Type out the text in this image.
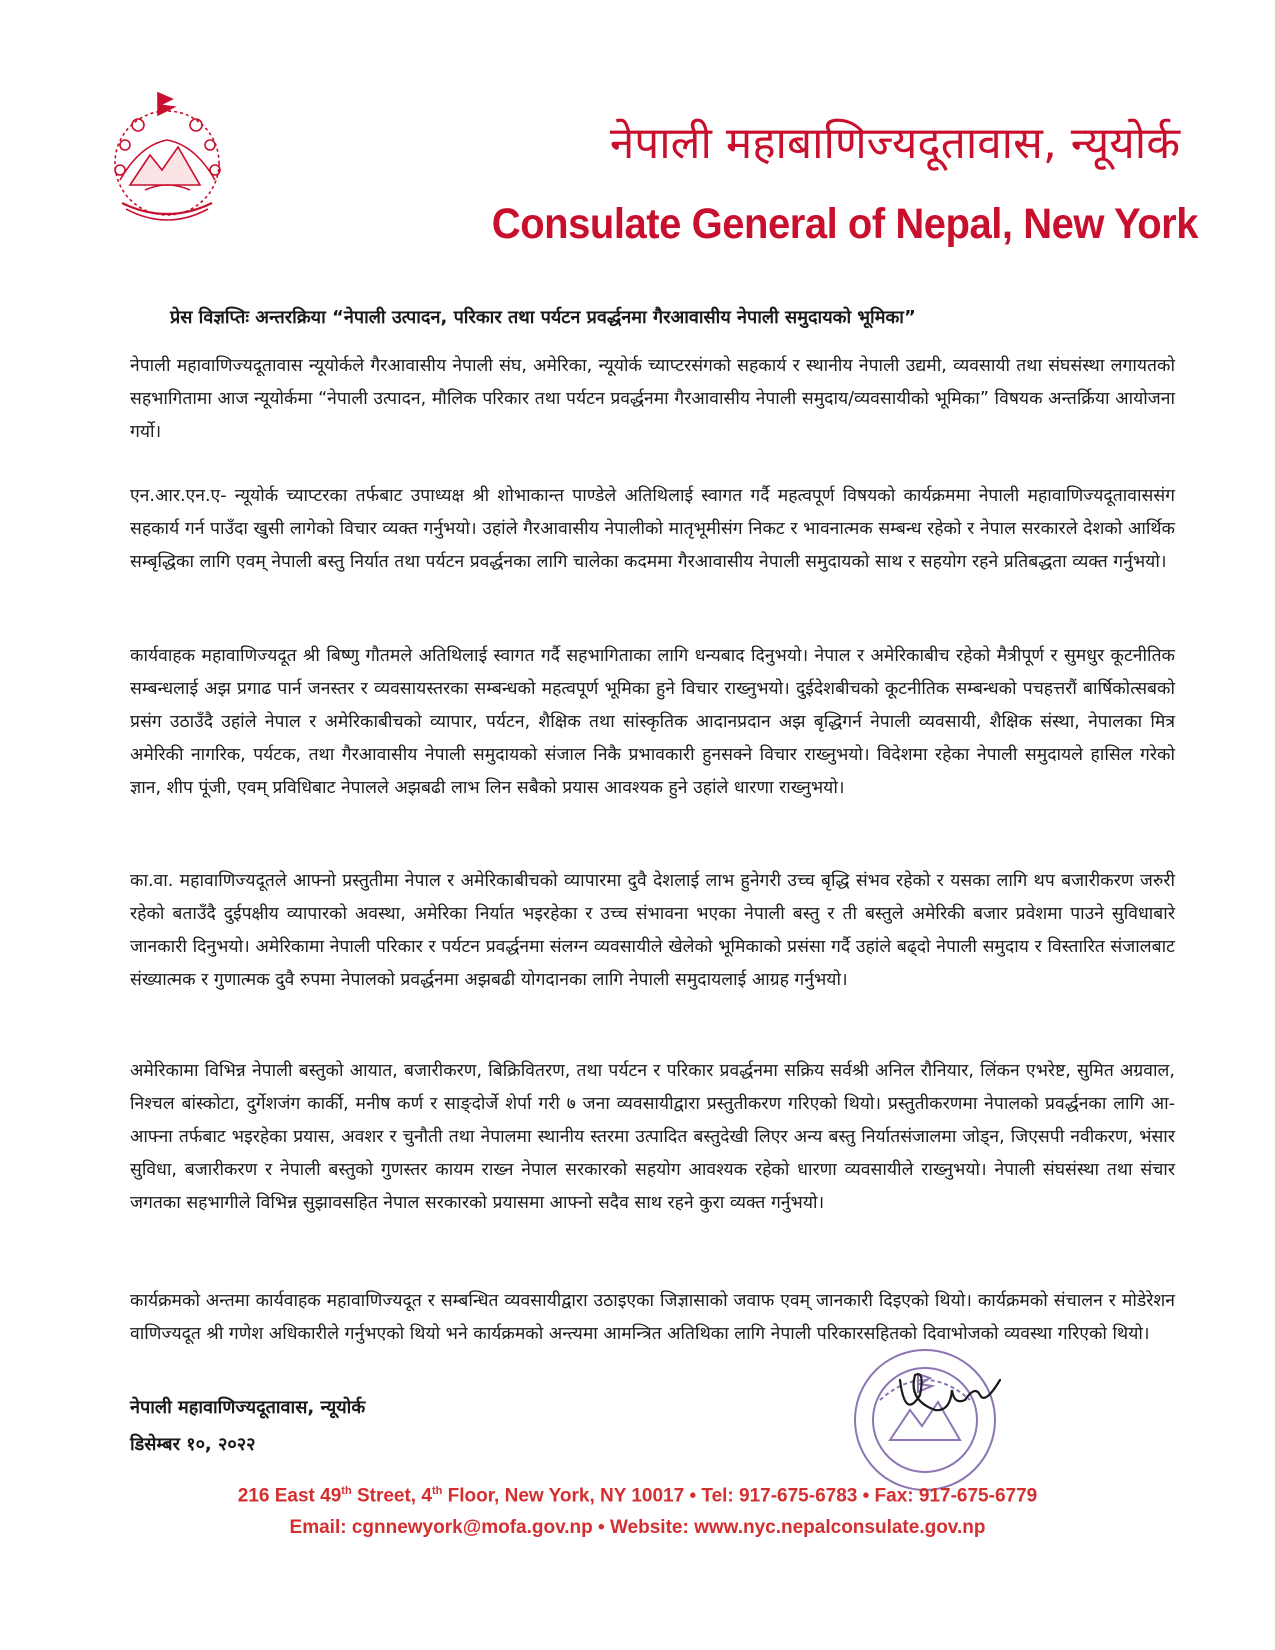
नेपाली महाबाणिज्यदूतावास, न्यूयोर्क
Consulate General of Nepal, New York
प्रेस विज्ञप्तिः अन्तरक्रिया “नेपाली उत्पादन, परिकार तथा पर्यटन प्रवर्द्धनमा गैरआवासीय नेपाली समुदायको भूमिका”

नेपाली महावाणिज्यदूतावास न्यूयोर्कले गैरआवासीय नेपाली संघ, अमेरिका, न्यूयोर्क च्याप्टरसंगको सहकार्य र स्थानीय नेपाली उद्यमी, व्यवसायी तथा संघसंस्था लगायतको सहभागितामा आज न्यूयोर्कमा “नेपाली उत्पादन, मौलिक परिकार तथा पर्यटन प्रवर्द्धनमा गैरआवासीय नेपाली समुदाय/व्यवसायीको भूमिका” विषयक अन्तर्क्रिया आयोजना गर्यो।

एन.आर.एन.ए- न्यूयोर्क च्याप्टरका तर्फबाट उपाध्यक्ष श्री शोभाकान्त पाण्डेले अतिथिलाई स्वागत गर्दै महत्वपूर्ण विषयको कार्यक्रममा नेपाली महावाणिज्यदूतावाससंग सहकार्य गर्न पाउँदा खुसी लागेको विचार व्यक्त गर्नुभयो। उहांले गैरआवासीय नेपालीको मातृभूमीसंग निकट र भावनात्मक सम्बन्ध रहेको र नेपाल सरकारले देशको आर्थिक सम्बृद्धिका लागि एवम् नेपाली बस्तु निर्यात तथा पर्यटन प्रवर्द्धनका लागि चालेका कदममा गैरआवासीय नेपाली समुदायको साथ र सहयोग रहने प्रतिबद्धता व्यक्त गर्नुभयो।

कार्यवाहक महावाणिज्यदूत श्री बिष्णु गौतमले अतिथिलाई स्वागत गर्दै सहभागिताका लागि धन्यबाद दिनुभयो। नेपाल र अमेरिकाबीच रहेको मैत्रीपूर्ण र सुमधुर कूटनीतिक सम्बन्धलाई अझ प्रगाढ पार्न जनस्तर र व्यवसायस्तरका सम्बन्धको महत्वपूर्ण भूमिका हुने विचार राख्नुभयो। दुईदेशबीचको कूटनीतिक सम्बन्धको पचहत्तरौं बार्षिकोत्सबको प्रसंग उठाउँदै उहांले नेपाल र अमेरिकाबीचको व्यापार, पर्यटन, शैक्षिक तथा सांस्कृतिक आदानप्रदान अझ बृद्धिगर्न नेपाली व्यवसायी, शैक्षिक संस्था, नेपालका मित्र अमेरिकी नागरिक, पर्यटक, तथा गैरआवासीय नेपाली समुदायको संजाल निकै प्रभावकारी हुनसक्ने विचार राख्नुभयो। विदेशमा रहेका नेपाली समुदायले हासिल गरेको ज्ञान, शीप पूंजी, एवम् प्रविधिबाट नेपालले अझबढी लाभ लिन सबैको प्रयास आवश्यक हुने उहांले धारणा राख्नुभयो।

का.वा. महावाणिज्यदूतले आफ्नो प्रस्तुतीमा नेपाल र अमेरिकाबीचको व्यापारमा दुवै देशलाई लाभ हुनेगरी उच्च बृद्धि संभव रहेको र यसका लागि थप बजारीकरण जरुरी रहेको बताउँदै दुईपक्षीय व्यापारको अवस्था, अमेरिका निर्यात भइरहेका र उच्च संभावना भएका नेपाली बस्तु र ती बस्तुले अमेरिकी बजार प्रवेशमा पाउने सुविधाबारे जानकारी दिनुभयो। अमेरिकामा नेपाली परिकार र पर्यटन प्रवर्द्धनमा संलग्न व्यवसायीले खेलेको भूमिकाको प्रसंसा गर्दै उहांले बढ्दो नेपाली समुदाय र विस्तारित संजालबाट संख्यात्मक र गुणात्मक दुवै रुपमा नेपालको प्रवर्द्धनमा अझबढी योगदानका लागि नेपाली समुदायलाई आग्रह गर्नुभयो।

अमेरिकामा विभिन्न नेपाली बस्तुको आयात, बजारीकरण, बिक्रिवितरण, तथा पर्यटन र परिकार प्रवर्द्धनमा सक्रिय सर्वश्री अनिल रौनियार, लिंकन एभरेष्ट, सुमित अग्रवाल, निश्चल बांस्कोटा, दुर्गेशजंग कार्की, मनीष कर्ण र साङ्दोर्जे शेर्पा गरी ७ जना व्यवसायीद्वारा प्रस्तुतीकरण गरिएको थियो। प्रस्तुतीकरणमा नेपालको प्रवर्द्धनका लागि आ-आफ्ना तर्फबाट भइरहेका प्रयास, अवशर र चुनौती तथा नेपालमा स्थानीय स्तरमा उत्पादित बस्तुदेखी लिएर अन्य बस्तु निर्यातसंजालमा जोड्न, जिएसपी नवीकरण, भंसार सुविधा, बजारीकरण र नेपाली बस्तुको गुणस्तर कायम राख्न नेपाल सरकारको सहयोग आवश्यक रहेको धारणा व्यवसायीले राख्नुभयो। नेपाली संघसंस्था तथा संचार जगतका सहभागीले विभिन्न सुझावसहित नेपाल सरकारको प्रयासमा आफ्नो सदैव साथ रहने कुरा व्यक्त गर्नुभयो।

कार्यक्रमको अन्तमा कार्यवाहक महावाणिज्यदूत र सम्बन्धित व्यवसायीद्वारा उठाइएका जिज्ञासाको जवाफ एवम् जानकारी दिइएको थियो। कार्यक्रमको संचालन र मोडेरेशन वाणिज्यदूत श्री गणेश अधिकारीले गर्नुभएको थियो भने कार्यक्रमको अन्त्यमा आमन्त्रित अतिथिका लागि नेपाली परिकारसहितको दिवाभोजको व्यवस्था गरिएको थियो।

नेपाली महावाणिज्यदूतावास, न्यूयोर्क
डिसेम्बर १०, २०२२
216 East 49th Street, 4th Floor, New York, NY 10017 • Tel: 917-675-6783 • Fax: 917-675-6779
Email: cgnnewyork@mofa.gov.np • Website: www.nyc.nepalconsulate.gov.np
